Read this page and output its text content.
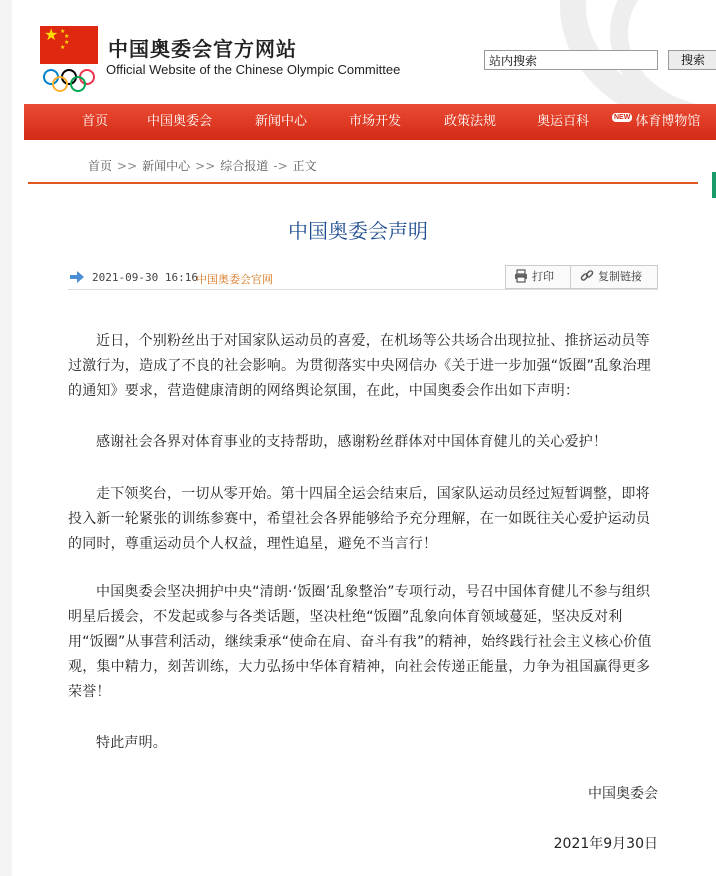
★ ★
★
★
★ 中国奥委会官方网站
Official Website of the Chinese Olympic Committee
站内搜索
搜索
首页	中国奥委会	新闻中心	市场开发	政策法规	奥运百科	NEW 体育博物馆
首页 >> 新闻中心 >> 综合报道 -> 正文
中国奥委会声明
2021-09-30 16:16
中国奥委会官网	打印	复制链接

近日，个别粉丝出于对国家队运动员的喜爱，在机场等公共场合出现拉扯、推挤运动员等过激行为，造成了不良的社会影响。为贯彻落实中央网信办《关于进一步加强“饭圈”乱象治理的通知》要求，营造健康清朗的网络舆论氛围，在此，中国奥委会作出如下声明：

感谢社会各界对体育事业的支持帮助，感谢粉丝群体对中国体育健儿的关心爱护！

走下领奖台，一切从零开始。第十四届全运会结束后，国家队运动员经过短暂调整，即将投入新一轮紧张的训练参赛中，希望社会各界能够给予充分理解，在一如既往关心爱护运动员的同时，尊重运动员个人权益，理性追星，避免不当言行！

中国奥委会坚决拥护中央“清朗·‘饭圈’乱象整治”专项行动，号召中国体育健儿不参与组织明星后援会，不发起或参与各类话题，坚决杜绝“饭圈”乱象向体育领域蔓延，坚决反对利用“饭圈”从事营利活动，继续秉承“使命在肩、奋斗有我”的精神，始终践行社会主义核心价值观，集中精力，刻苦训练，大力弘扬中华体育精神，向社会传递正能量，力争为祖国赢得更多荣誉！

特此声明。

中国奥委会
2021年9月30日
